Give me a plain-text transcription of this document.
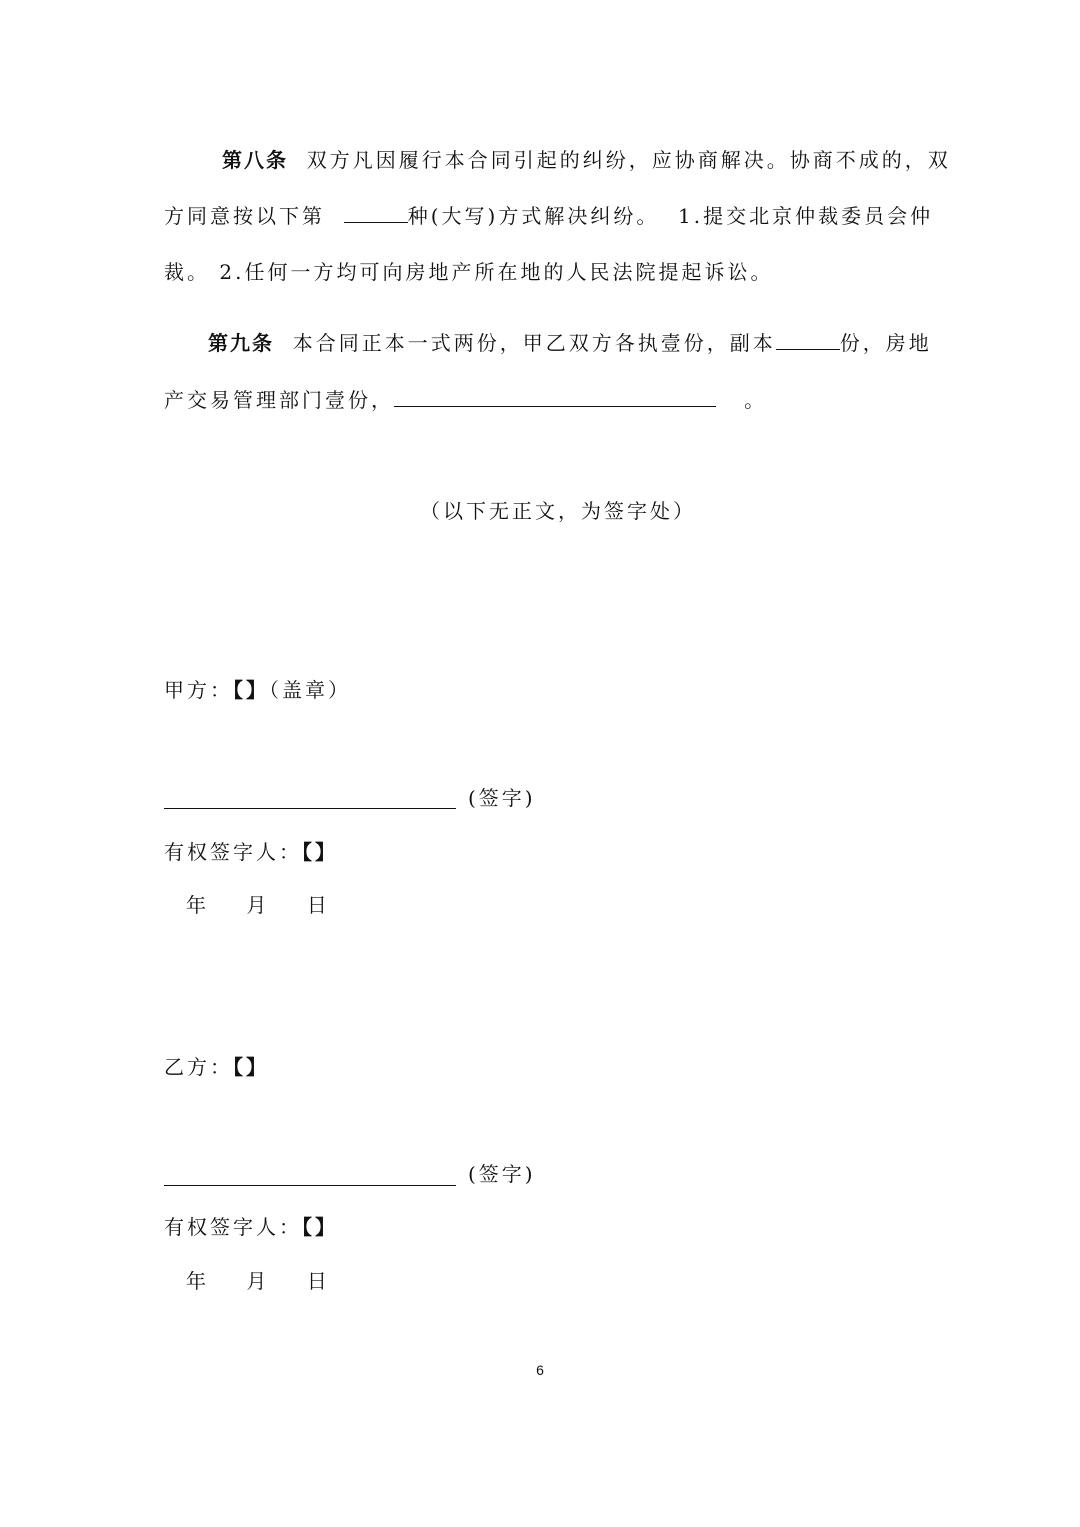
第八条 双方凡因履行本合同引起的纠纷，应协商解决。协商不成的，双
方同意按以下第	种(大写)方式解决纠纷。 1.提交北京仲裁委员会仲
裁。 2.任何一方均可向房地产所在地的人民法院提起诉讼。
第九条 本合同正本一式两份，甲乙双方各执壹份，副本	份，房地
产交易管理部门壹份，	。
（以下无正文，为签字处）
甲方：【】（盖章）
(签字)
有权签字人：【】
年    月    日
乙方：【】
(签字)
有权签字人：【】
年    月    日
6
